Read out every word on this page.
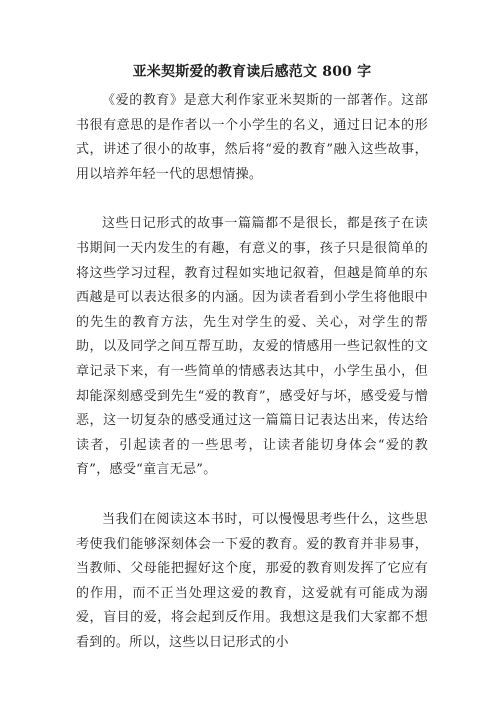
亚米契斯爱的教育读后感范文 800 字

《爱的教育》是意大利作家亚米契斯的一部著作。这部书很有意思的是作者以一个小学生的名义，通过日记本的形式，讲述了很小的故事，然后将“爱的教育”融入这些故事，用以培养年轻一代的思想情操。

这些日记形式的故事一篇篇都不是很长，都是孩子在读书期间一天内发生的有趣，有意义的事，孩子只是很简单的将这些学习过程，教育过程如实地记叙着，但越是简单的东西越是可以表达很多的内涵。因为读者看到小学生将他眼中的先生的教育方法，先生对学生的爱、关心，对学生的帮助，以及同学之间互帮互助，友爱的情感用一些记叙性的文章记录下来，有一些简单的情感表达其中，小学生虽小，但却能深刻感受到先生“爱的教育”，感受好与坏，感受爱与憎恶，这一切复杂的感受通过这一篇篇日记表达出来，传达给读者，引起读者的一些思考，让读者能切身体会“爱的教育”，感受“童言无忌”。

当我们在阅读这本书时，可以慢慢思考些什么，这些思考使我们能够深刻体会一下爱的教育。爱的教育并非易事，当教师、父母能把握好这个度，那爱的教育则发挥了它应有的作用，而不正当处理这爱的教育，这爱就有可能成为溺爱，盲目的爱，将会起到反作用。我想这是我们大家都不想看到的。所以，这些以日记形式的小
